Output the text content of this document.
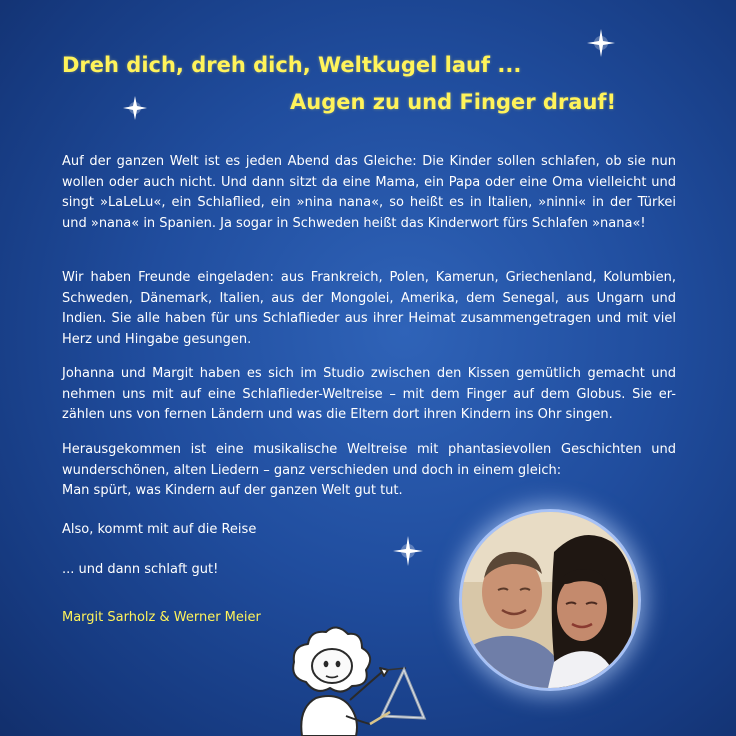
Dreh dich, dreh dich, Weltkugel lauf ...
Augen zu und Finger drauf!

Auf der ganzen Welt ist es jeden Abend das Gleiche: Die Kinder sollen schlafen, ob sie nun wollen oder auch nicht. Und dann sitzt da eine Mama, ein Papa oder eine Oma vielleicht und singt »LaLeLu«, ein Schlaflied, ein »nina nana«, so heißt es in Italien, »ninni« in der Türkei und »nana« in Spanien. Ja sogar in Schweden heißt das Kinderwort fürs Schlafen »nana«!

Wir haben Freunde eingeladen: aus Frankreich, Polen, Kamerun, Griechenland, Kolumbien, Schweden, Dänemark, Italien, aus der Mongolei, Amerika, dem Senegal, aus Ungarn und Indien. Sie alle haben für uns Schlaflieder aus ihrer Heimat zusammengetragen und mit viel Herz und Hingabe gesungen.

Johanna und Margit haben es sich im Studio zwischen den Kissen gemütlich gemacht und nehmen uns mit auf eine Schlaflieder-Weltreise – mit dem Finger auf dem Globus. Sie er-zählen uns von fernen Ländern und was die Eltern dort ihren Kindern ins Ohr singen.

Herausgekommen ist eine musikalische Weltreise mit phantasievollen Geschichten und wunderschönen, alten Liedern – ganz verschieden und doch in einem gleich:
Man spürt, was Kindern auf der ganzen Welt gut tut.

Also, kommt mit auf die Reise

... und dann schlaft gut!

Margit Sarholz & Werner Meier
